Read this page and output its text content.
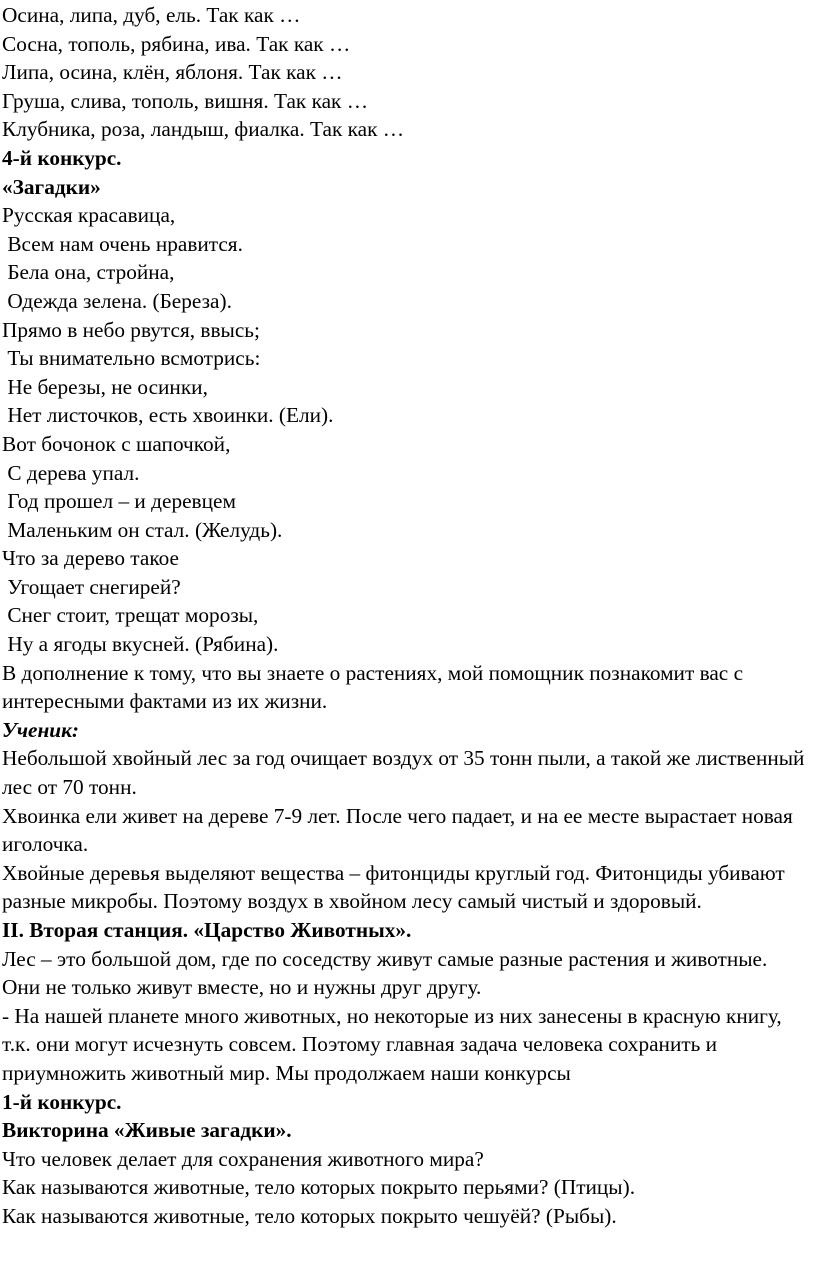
Осина, липа, дуб, ель. Так как …

Сосна, тополь, рябина, ива. Так как …

Липа, осина, клён, яблоня. Так как …

Груша, слива, тополь, вишня. Так как …

Клубника, роза, ландыш, фиалка. Так как …

4-й конкурс.

«Загадки»

Русская красавица,

Всем нам очень нравится.

Бела она, стройна,

Одежда зелена. (Береза).

Прямо в небо рвутся, ввысь;

Ты внимательно всмотрись:

Не березы, не осинки,

Нет листочков, есть хвоинки. (Ели).

Вот бочонок с шапочкой,

С дерева упал.

Год прошел – и деревцем

Маленьким он стал. (Желудь).

Что за дерево такое

Угощает снегирей?

Снег стоит, трещат морозы,

Ну а ягоды вкусней. (Рябина).

В дополнение к тому, что вы знаете о растениях, мой помощник познакомит вас с интересными фактами из их жизни.

Ученик:

Небольшой хвойный лес за год очищает воздух от 35 тонн пыли, а такой же лиственный лес от 70 тонн.

Хвоинка ели живет на дереве 7-9 лет. После чего падает, и на ее месте вырастает новая иголочка.

Хвойные деревья выделяют вещества – фитонциды круглый год. Фитонциды убивают разные микробы. Поэтому воздух в хвойном лесу самый чистый и здоровый.

II. Вторая станция. «Царство Животных».

Лес – это большой дом, где по соседству живут самые разные растения и животные. Они не только живут вместе, но и нужны друг другу.

- На нашей планете много животных, но некоторые из них занесены в красную книгу, т.к. они могут исчезнуть совсем. Поэтому главная задача человека сохранить и приумножить животный мир. Мы продолжаем наши конкурсы

1-й конкурс.

Викторина «Живые загадки».

Что человек делает для сохранения животного мира?

Как называются животные, тело которых покрыто перьями? (Птицы).

Как называются животные, тело которых покрыто чешуёй? (Рыбы).
